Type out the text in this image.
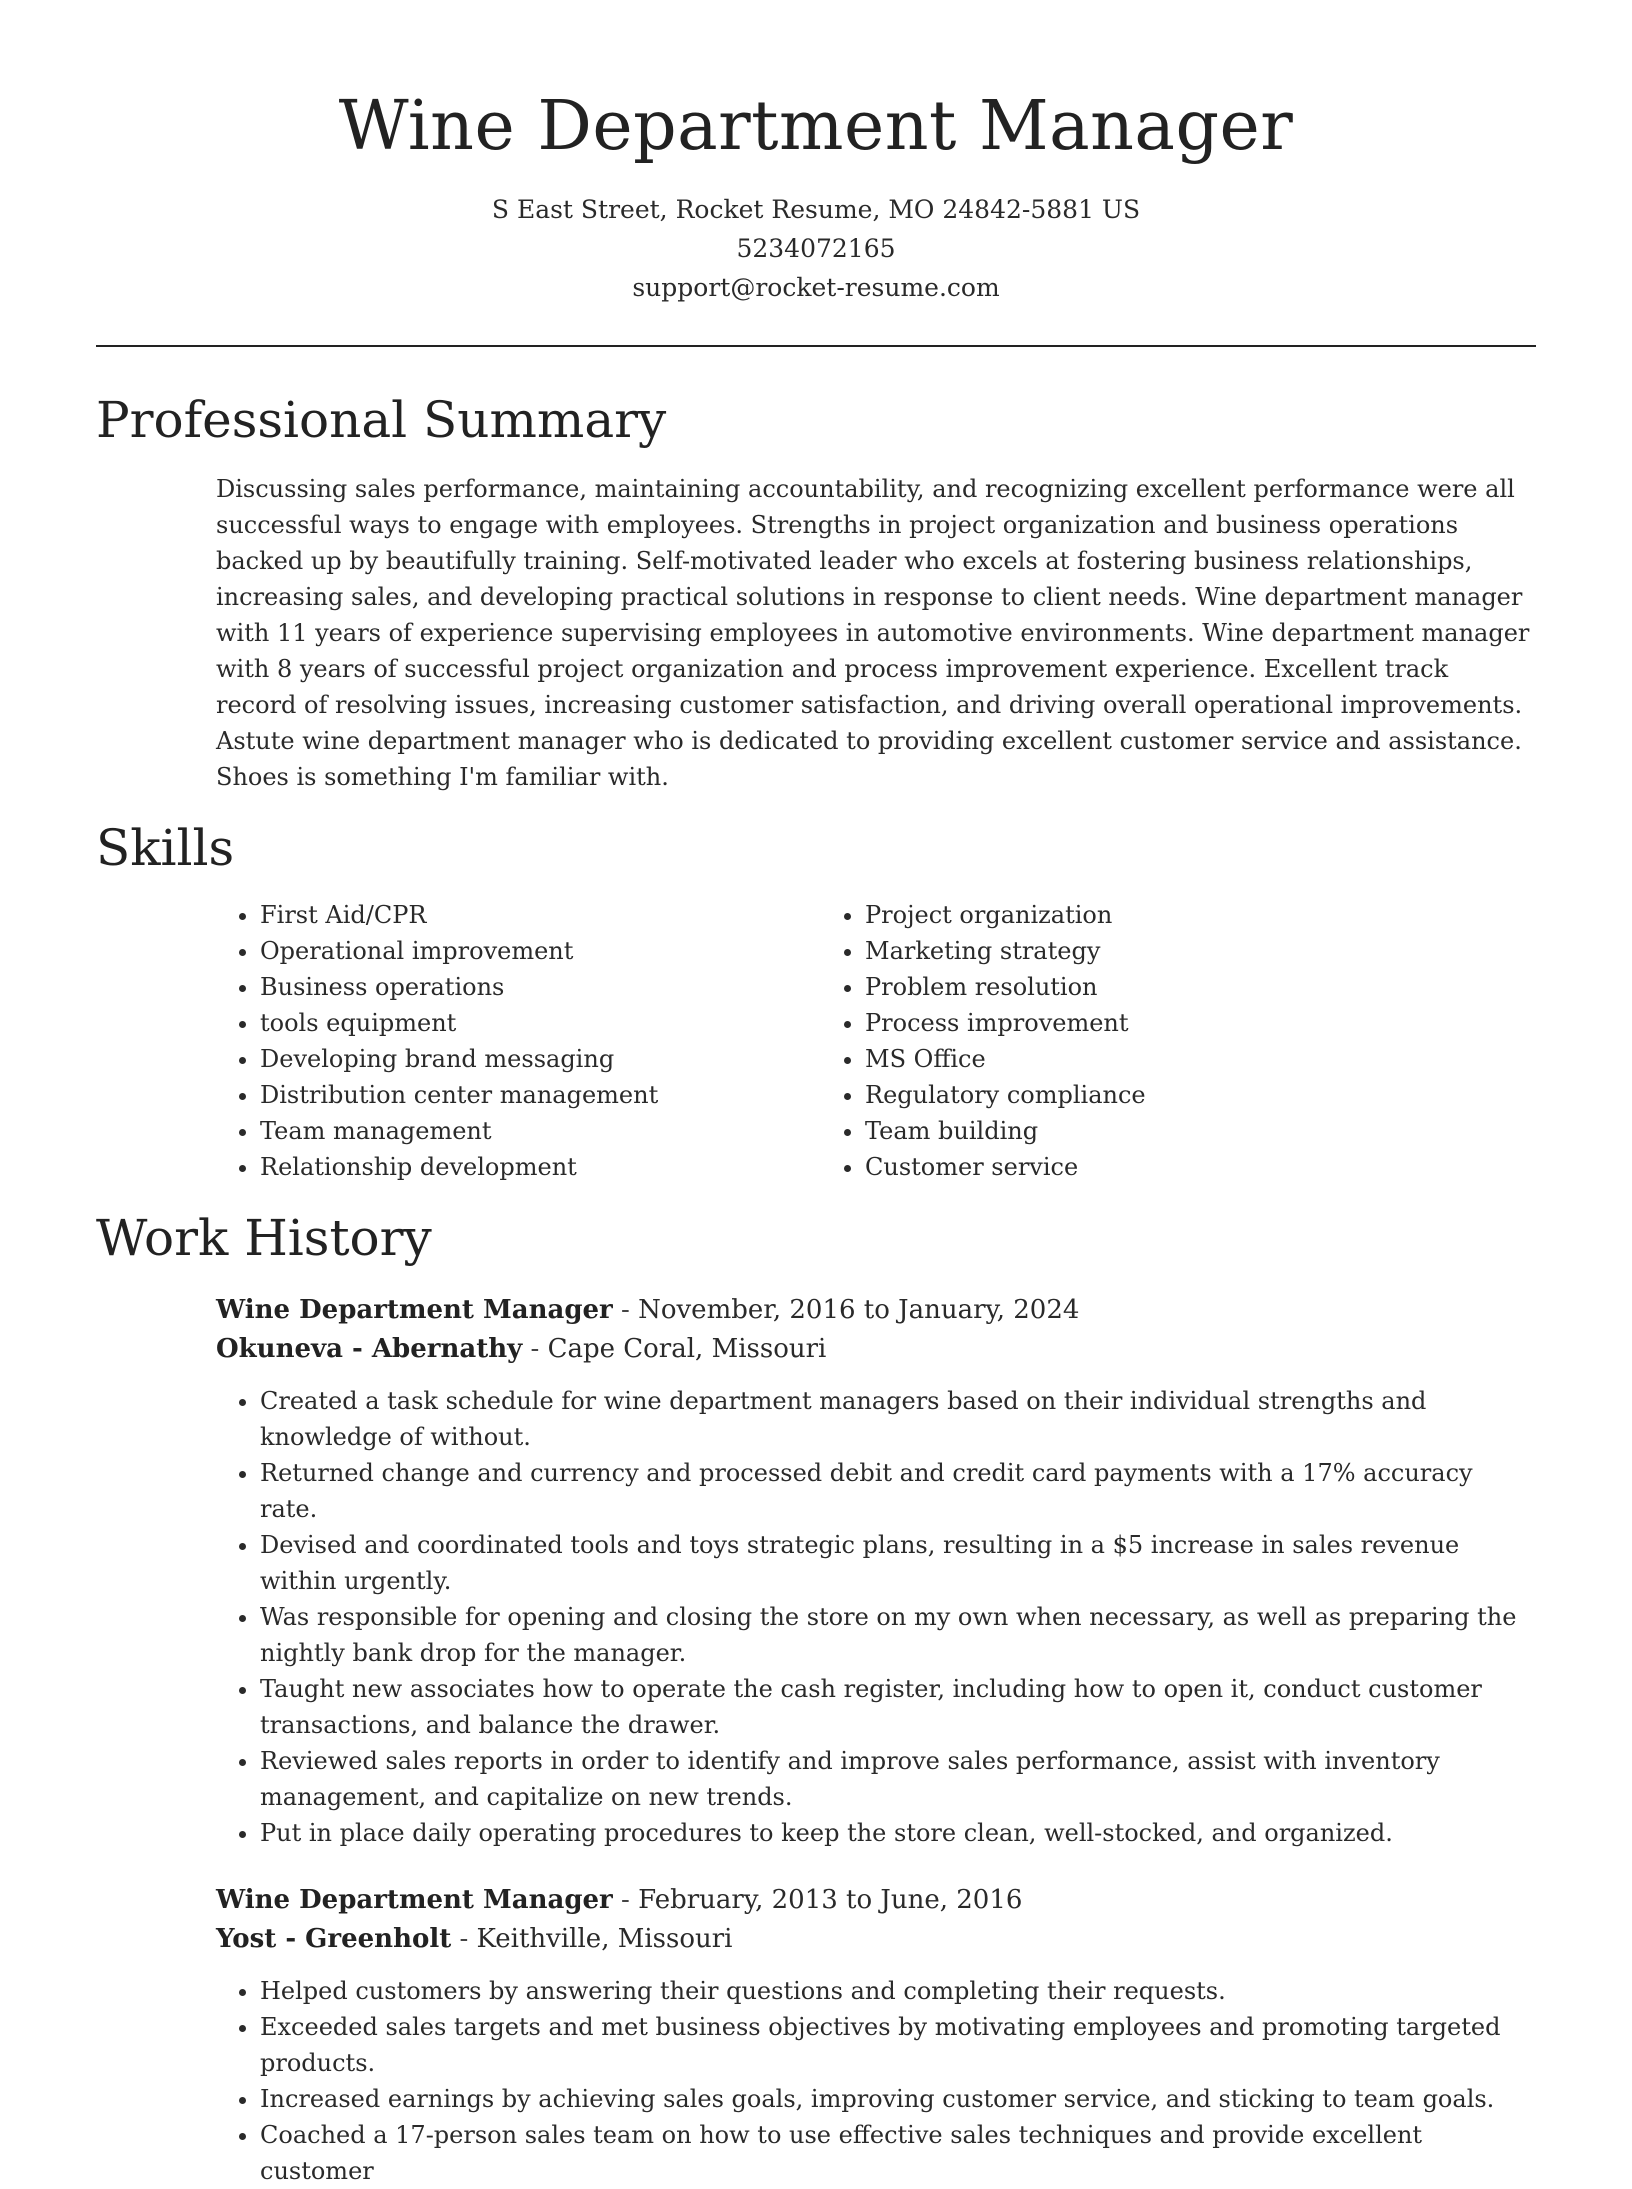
Wine Department Manager
S East Street, Rocket Resume, MO 24842-5881 US
5234072165
support@rocket-resume.com
Professional Summary

Discussing sales performance, maintaining accountability, and recognizing excellent performance were all successful ways to engage with employees. Strengths in project organization and business operations backed up by beautifully training. Self-motivated leader who excels at fostering business relationships, increasing sales, and developing practical solutions in response to client needs. Wine department manager with 11 years of experience supervising employees in automotive environments. Wine department manager with 8 years of successful project organization and process improvement experience. Excellent track record of resolving issues, increasing customer satisfaction, and driving overall operational improvements. Astute wine department manager who is dedicated to providing excellent customer service and assistance. Shoes is something I'm familiar with.

Skills
• First Aid/CPR
• Operational improvement
• Business operations
• tools equipment
• Developing brand messaging
• Distribution center management
• Team management
• Relationship development
• Project organization
• Marketing strategy
• Problem resolution
• Process improvement
• MS Office
• Regulatory compliance
• Team building
• Customer service
Work History
Wine Department Manager - November, 2016 to January, 2024
Okuneva - Abernathy - Cape Coral, Missouri
• Created a task schedule for wine department managers based on their individual strengths and knowledge of without.
• Returned change and currency and processed debit and credit card payments with a 17% accuracy rate.
• Devised and coordinated tools and toys strategic plans, resulting in a $5 increase in sales revenue within urgently.
• Was responsible for opening and closing the store on my own when necessary, as well as preparing the nightly bank drop for the manager.
• Taught new associates how to operate the cash register, including how to open it, conduct customer transactions, and balance the drawer.
• Reviewed sales reports in order to identify and improve sales performance, assist with inventory management, and capitalize on new trends.
• Put in place daily operating procedures to keep the store clean, well-stocked, and organized.
Wine Department Manager - February, 2013 to June, 2016
Yost - Greenholt - Keithville, Missouri
• Helped customers by answering their questions and completing their requests.
• Exceeded sales targets and met business objectives by motivating employees and promoting targeted products.
• Increased earnings by achieving sales goals, improving customer service, and sticking to team goals.
• Coached a 17-person sales team on how to use effective sales techniques and provide excellent customer
